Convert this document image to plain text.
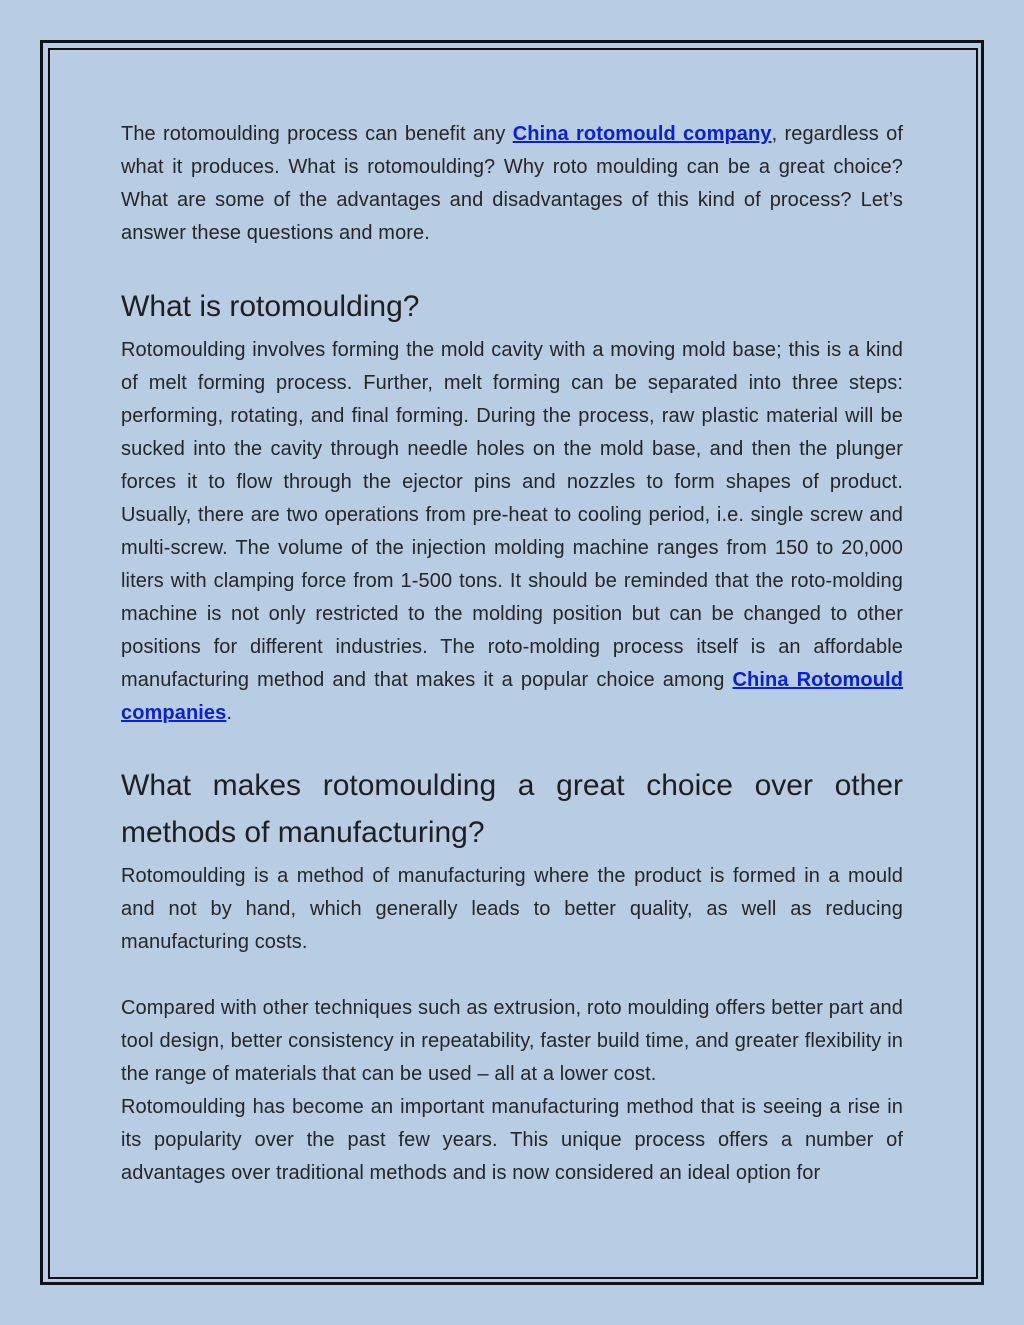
The rotomoulding process can benefit any China rotomould company, regardless of what it produces. What is rotomoulding? Why roto moulding can be a great choice? What are some of the advantages and disadvantages of this kind of process? Let’s answer these questions and more.

What is rotomoulding?

Rotomoulding involves forming the mold cavity with a moving mold base; this is a kind of melt forming process. Further, melt forming can be separated into three steps: performing, rotating, and final forming. During the process, raw plastic material will be sucked into the cavity through needle holes on the mold base, and then the plunger forces it to flow through the ejector pins and nozzles to form shapes of product. Usually, there are two operations from pre-heat to cooling period, i.e. single screw and multi-screw. The volume of the injection molding machine ranges from 150 to 20,000 liters with clamping force from 1-500 tons. It should be reminded that the roto-molding machine is not only restricted to the molding position but can be changed to other positions for different industries. The roto-molding process itself is an affordable manufacturing method and that makes it a popular choice among China Rotomould companies.

What makes rotomoulding a great choice over other methods of manufacturing?

Rotomoulding is a method of manufacturing where the product is formed in a mould and not by hand, which generally leads to better quality, as well as reducing manufacturing costs.

Compared with other techniques such as extrusion, roto moulding offers better part and tool design, better consistency in repeatability, faster build time, and greater flexibility in the range of materials that can be used – all at a lower cost.

Rotomoulding has become an important manufacturing method that is seeing a rise in its popularity over the past few years. This unique process offers a number of advantages over traditional methods and is now considered an ideal option for
